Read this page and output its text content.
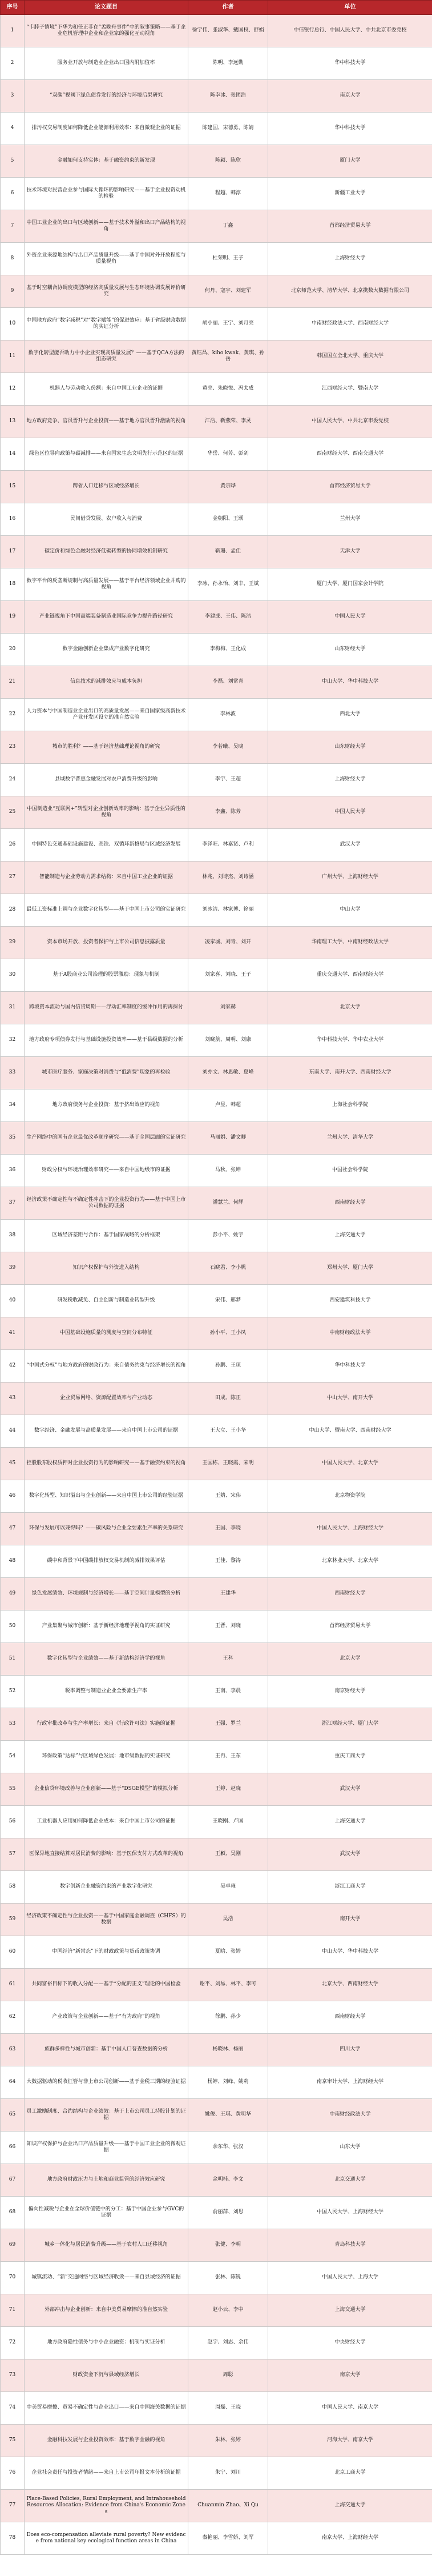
序号	论文题目	作者	单位
1	“卡脖子情境”下华为和任正非在“孟晚舟事件”中的叙事策略——基于企业危机管理中企业和企业家的强化互动视角	徐宁伟、张淑华、戴国权、舒娟	中信银行总行、中国人民大学、中共北京市委党校
2	服务业开放与制造业企业出口国内附加值率	陈明、李远勤	华中科技大学
3	“双碳”视阈下绿色债券发行的经济与环境后果研究	陈幸冰、张团浩	南京大学
4	排污权交易制度如何降低企业能源利用效率：来自微观企业的证据	陈建国、宋德勇、陈婧	华中科技大学
5	金融如何支持实体：基于融资约束的新发现	陈颖、陈欣	厦门大学
6	技术环境对民营企业参与国际大循环的影响研究——基于企业投资动机的检验	程超、韩淳	新疆工业大学
7	中国工业企业的出口与区域创新——基于技术外溢和出口产品结构的视角	丁鑫	首都经济贸易大学
8	外资企业来源地结构与出口产品质量升级——基于中国对外开放程度与质量视角	杜荣明、王子	上海财经大学
9	基于时空耦合协调度模型的经济高质量发展与生态环境协调发展评价研究	何丹、寇宇、刘建军	北京师范大学、清华大学、北京携数大数据有限公司
10	中国地方政府“数字减税”对“数字赋能”的促进效应：基于省级财政数据的实证分析	胡小丽、王宁、刘月亮	中南财经政法大学、西南财经大学
11	数字化转型能否助力中小企业实现高质量发展？——基于QCA方法的组态研究	黄钰昌、kiho kwak、黄琪、孙岳	韩国国立全北大学、重庆大学
12	机器人与劳动收入份额：来自中国工业企业的证据	黄亮、朱晓悦、冯太成	江西财经大学、暨南大学
13	地方政府竞争、官员晋升与企业投资——基于地方官员晋升激励的视角	江浩、靳燕荣、李灵	中国人民大学、中共北京市委党校
14	绿色区位导向政策与碳减排——来自国家生态文明先行示范区的证据	华岳、何芳、彭剑	西南财经大学、西南交通大学
15	跨省人口迁移与区域经济增长	黄宗晔	首都经济贸易大学
16	民间借贷发展、农户收入与消费	金朝阳、王颂	兰州大学
17	碳定价和绿色金融对经济低碳转型的协同增效机制研究	靳珊、孟佳	天津大学
18	数字平台的反垄断规制与高质量发展——基于平台经济领域企业并购的视角	李冰、孙永怡、刘丰、王斌	厦门大学、厦门国家会计学院
19	产业链视角下中国高端装备制造业国际竞争力提升路径研究	李建成、王伟、陈洁	中国人民大学
20	数字金融创新企业集成产业数字化研究	李梅梅、王化成	山东财经大学
21	信息技术的减排效应与成本负担	李磊、刘常青	中山大学、华中科技大学
22	人力资本与中国制造业企业出口的高质量发展——来自国家级高新技术产业开发区设立的准自然实验	李林波	西北大学
23	城市的胜利？——基于经济基础理论视角的研究	李若曦、吴晓	山东财经大学
24	县域数字普惠金融发展对农户消费升级的影响	李宇、王超	上海财经大学
25	中国制造业“互联网+”转型对企业创新效率的影响：基于企业异质性的视角	李鑫、陈芳	中国人民大学
26	中国特色交通基础设施建设、高铁、双循环新格局与区域经济发展	李泽旺、林嘉贤、卢利	武汉大学
27	智能制造与企业劳动力需求结构：来自中国工业企业的证据	林兆、刘诗杰、刘诗涵	广州大学、上海财经大学
28	最低工资标准上调与企业数字化转型——基于中国上市公司的实证研究	刘冰洁、林家博、徐丽	中山大学
29	资本市场开放、投资者保护与上市公司信息披露质量	凌家城、刘青、刘开	华南理工大学、中南财经政法大学
30	基于A股商业公司治理的股票激励：现象与机制	刘家喜、刘晓、王子	重庆交通大学、西南财经大学
31	跨境资本流动与国内信贷周期——浮动汇率制度的缓冲作用的再探讨	刘家赫	北京大学
32	地方政府专项债券发行与基础设施投资效率——基于县级数据的分析	刘晓航、周明、刘康	华中科技大学、华中农业大学
33	城市医疗服务、家庭决策对消费与“低消费”现象的再检验	刘亦文、林思敏、夏峰	东南大学、南开大学、西南财经大学
34	地方政府债务与企业投资：基于挤出效应的视角	卢昱、韩超	上海社会科学院
35	生产网络中的国有企业最优改革顺序研究——基于全国层面的实证研究	马丽娟、潘文卿	兰州大学、清华大学
36	财政分权与环境治理效率研究——来自中国地级市的证据	马秋、张坤	中国社会科学院
37	经济政策不确定性与不确定性冲击下的企业投资行为——基于中国上市公司数据的证据	潘慧兰、何辉	西南财经大学
38	区域经济差距与合作：基于国家战略的分析框架	彭小平、姚宇	上海交通大学
39	知识产权保护与外资进入结构	石晓君、李小帆	郑州大学、厦门大学
40	研发税收减免、自主创新与制造业转型升级	宋伟、邢梦	西安建筑科技大学
41	中国基础设施质量的测度与空间分布特征	孙小平、王小凤	中南财经政法大学
42	“中国式分权”与地方政府的财政行为：来自债务约束与经济增长的视角	孙鹏、王琼	华中科技大学
43	企业贸易网络、资源配置效率与产业动态	田成、陈正	中山大学、南开大学
44	数字经济、金融发展与高质量发展——来自中国上市公司的证据	王大立、王小华	中山大学、暨南大学、西南财经大学
45	控股股东股权质押对企业投资行为的影响研究——基于融资约束的视角	王国栋、王晓霞、宋明	中国人民大学、北京大学
46	数字化转型、知识溢出与企业创新——来自中国上市公司的经验证据	王婧、宋伟	北京物资学院
47	环保与发展可以兼得吗？——碳风险与企业全要素生产率的关系研究	王国、李晓	中国人民大学、上海财经大学
48	碳中和背景下中国碳排放权交易机制的减排效果评估	王佳、黎涛	北京林业大学、北京大学
49	绿色发展绩效、环境规制与经济增长——基于空间计量模型的分析	王建华	西南财经大学
50	产业集聚与城市创新：基于新经济地理学视角的实证研究	王晋、刘晓	首都经济贸易大学
51	数字化转型与企业绩效——基于新结构经济学的视角	王科	北京大学
52	税率调整与制造业企业全要素生产率	王南、李晨	南京财经大学
53	行政审批改革与生产率增长：来自《行政许可法》实施的证据	王强、罗兰	浙江财经大学、厦门大学
54	环保政策“达标”与区域绿色发展：地市级数据的实证研究	王冉、王东	重庆工商大学
55	企业信贷环境改善与企业创新——基于“DSGE模型”的模拟分析	王婷、赵晓	武汉大学
56	工业机器人应用如何降低企业成本：来自中国上市公司的证据	王晓刚、卢国	上海交通大学
57	医保异地直接结算对居民消费的影响：基于医保支付方式改革的视角	王颖、吴刚	武汉大学
58	数字创新企业融资约束的产业数字化研究	吴卓雍	浙江工商大学
59	经济政策不确定性与企业投资——基于中国家庭金融调查（CHFS）的数据	吴浩	南开大学
60	中国经济“新常态”下的财政政策与货币政策协调	夏晗、张婷	中山大学、华中科技大学
61	共同富裕目标下的收入分配——基于“分配的正义”理论的中国检验	谢平、刘易、林平、李可	北京大学、西南财经大学
62	产业政策与企业创新——基于“有为政府”的视角	徐鹏、孙少	西南财经大学
63	族群多样性与城市创新：基于中国人口普查数据的分析	杨晓林、杨丽	四川大学
64	大数据驱动的税收征管与非上市公司创新——基于金税三期的经验证据	杨婷、刘峰、姚莉	南京审计大学、上海财经大学
65	员工激励制度、合约结构与企业绩效：基于上市公司员工持股计划的证据	姚俊、王琪、黄明华	中南财经政法大学
66	知识产权保护与企业出口产品质量升级——基于中国工业企业的微观证据	余东华、张汉	山东大学
67	地方政府财政压力与土地和商业监管的经济效应研究	余明桂、李文	北京交通大学
68	偏向性减税与企业在全球价值链中的分工：基于中国企业参与GVC的证据	俞丽萍、刘思	中国人民大学、上海财经大学
69	城乡一体化与居民消费升级——基于农村人口迁移视角	张健、李明	青岛科技大学
70	城镇流动、“新”交通网络与区域经济收敛——来自县域经济的证据	张林、陈锐	中国人民大学、上海大学
71	外部冲击与企业创新：来自中美贸易摩擦的准自然实验	赵小云、李中	上海交通大学
72	地方政府隐性债务与中小企业融资：机制与实证分析	赵宇、刘志、余伟	中央财经大学
73	财政资金下沉与县域经济增长	周聪	南京大学
74	中美贸易摩擦、贸易不确定性与企业出口——来自中国海关数据的证据	周磊、王晓	中国人民大学、南京大学
75	金融科技发展与企业投资效率：基于数字金融的视角	朱林、张婷	河海大学、南京大学
76	企业社会责任与投资者情绪——来自上市公司年报文本分析的证据	朱宁、刘川	北京工商大学
77	Place-Based Policies, Rural Employment, and Intrahousehold Resources Allocation: Evidence from China's Economic Zones	Chuanmin Zhao、Xi Qu	上海交通大学
78	Does eco-compensation alleviate rural poverty? New evidence from national key ecological function areas in China	秦艳丽、李雪娇、刘军	南京大学、上海财经大学
